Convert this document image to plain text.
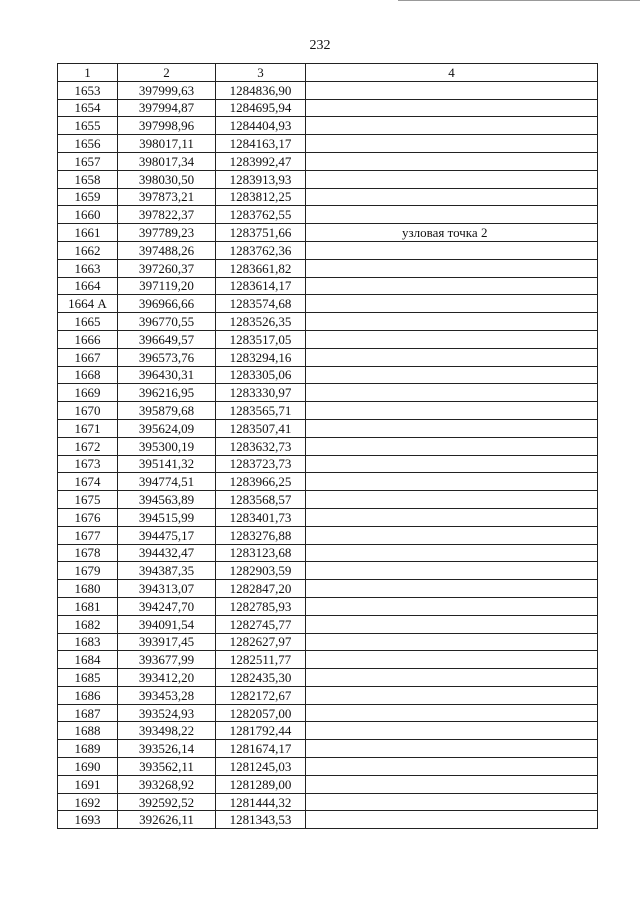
232
1	2	3	4
1653	397999,63	1284836,90	
1654	397994,87	1284695,94	
1655	397998,96	1284404,93	
1656	398017,11	1284163,17	
1657	398017,34	1283992,47	
1658	398030,50	1283913,93	
1659	397873,21	1283812,25	
1660	397822,37	1283762,55	
1661	397789,23	1283751,66	узловая точка 2
1662	397488,26	1283762,36	
1663	397260,37	1283661,82	
1664	397119,20	1283614,17	
1664 А	396966,66	1283574,68	
1665	396770,55	1283526,35	
1666	396649,57	1283517,05	
1667	396573,76	1283294,16	
1668	396430,31	1283305,06	
1669	396216,95	1283330,97	
1670	395879,68	1283565,71	
1671	395624,09	1283507,41	
1672	395300,19	1283632,73	
1673	395141,32	1283723,73	
1674	394774,51	1283966,25	
1675	394563,89	1283568,57	
1676	394515,99	1283401,73	
1677	394475,17	1283276,88	
1678	394432,47	1283123,68	
1679	394387,35	1282903,59	
1680	394313,07	1282847,20	
1681	394247,70	1282785,93	
1682	394091,54	1282745,77	
1683	393917,45	1282627,97	
1684	393677,99	1282511,77	
1685	393412,20	1282435,30	
1686	393453,28	1282172,67	
1687	393524,93	1282057,00	
1688	393498,22	1281792,44	
1689	393526,14	1281674,17	
1690	393562,11	1281245,03	
1691	393268,92	1281289,00	
1692	392592,52	1281444,32	
1693	392626,11	1281343,53	
